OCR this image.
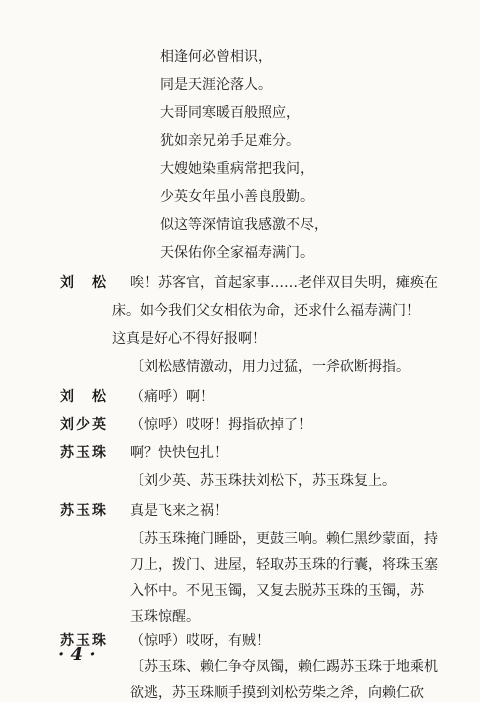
相逢何必曾相识，
同是天涯沦落人。
大哥同寒暖百般照应，
犹如亲兄弟手足难分。
大嫂她染重病常把我问，
少英女年虽小善良殷勤。
似这等深情谊我感激不尽，
天保佑你全家福寿满门。
刘　松 唉！苏客官，首起家事……老伴双目失明，瘫痪在
床。如今我们父女相依为命，还求什么福寿满门！
这真是好心不得好报啊！
〔刘松感情激动，用力过猛，一斧砍断拇指。
刘　松 （痛呼）啊！
刘少英 （惊呼）哎呀！拇指砍掉了！
苏玉珠 啊？快快包扎！
〔刘少英、苏玉珠扶刘松下，苏玉珠复上。
苏玉珠 真是飞来之祸！
〔苏玉珠掩门睡卧，更鼓三响。赖仁黑纱蒙面，持
刀上，拨门、进屋，轻取苏玉珠的行囊，将珠玉塞
入怀中。不见玉镯，又复去脱苏玉珠的玉镯，苏
玉珠惊醒。
苏玉珠 （惊呼）哎呀，有贼！
〔苏玉珠、赖仁争夺凤镯，赖仁踢苏玉珠于地乘机
欲逃，苏玉珠顺手摸到刘松劳柴之斧，向赖仁砍
· 4 ·
